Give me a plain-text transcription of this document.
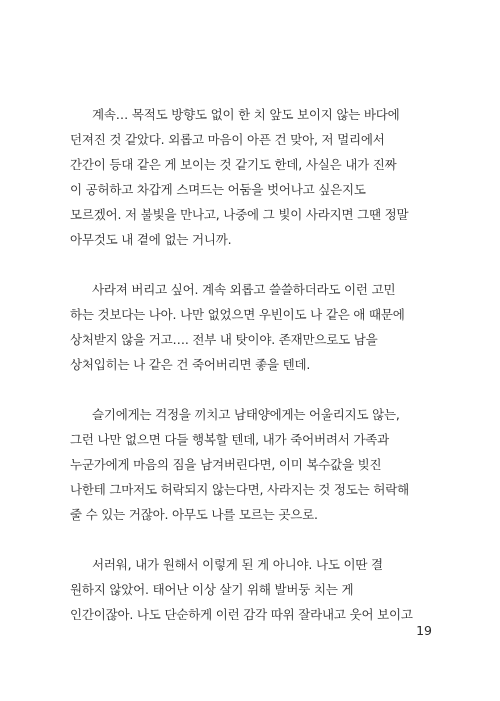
계속… 목적도 방향도 없이 한 치 앞도 보이지 않는 바다에
던져진 것 같았다. 외롭고 마음이 아픈 건 맞아, 저 멀리에서
간간이 등대 같은 게 보이는 것 같기도 한데, 사실은 내가 진짜
이 공허하고 차갑게 스며드는 어둠을 벗어나고 싶은지도
모르겠어. 저 불빛을 만나고, 나중에 그 빛이 사라지면 그땐 정말
아무것도 내 곁에 없는 거니까.
사라져 버리고 싶어. 계속 외롭고 쓸쓸하더라도 이런 고민
하는 것보다는 나아. 나만 없었으면 우빈이도 나 같은 애 때문에
상처받지 않을 거고…. 전부 내 탓이야. 존재만으로도 남을
상처입히는 나 같은 건 죽어버리면 좋을 텐데.
슬기에게는 걱정을 끼치고 남태양에게는 어울리지도 않는,
그런 나만 없으면 다들 행복할 텐데, 내가 죽어버려서 가족과
누군가에게 마음의 짐을 남겨버린다면, 이미 복수값을 빚진
나한테 그마저도 허락되지 않는다면, 사라지는 것 정도는 허락해
줄 수 있는 거잖아. 아무도 나를 모르는 곳으로.
서러워, 내가 원해서 이렇게 된 게 아니야. 나도 이딴 결
원하지 않았어. 태어난 이상 살기 위해 발버둥 치는 게
인간이잖아. 나도 단순하게 이런 감각 따위 잘라내고 웃어 보이고
19
